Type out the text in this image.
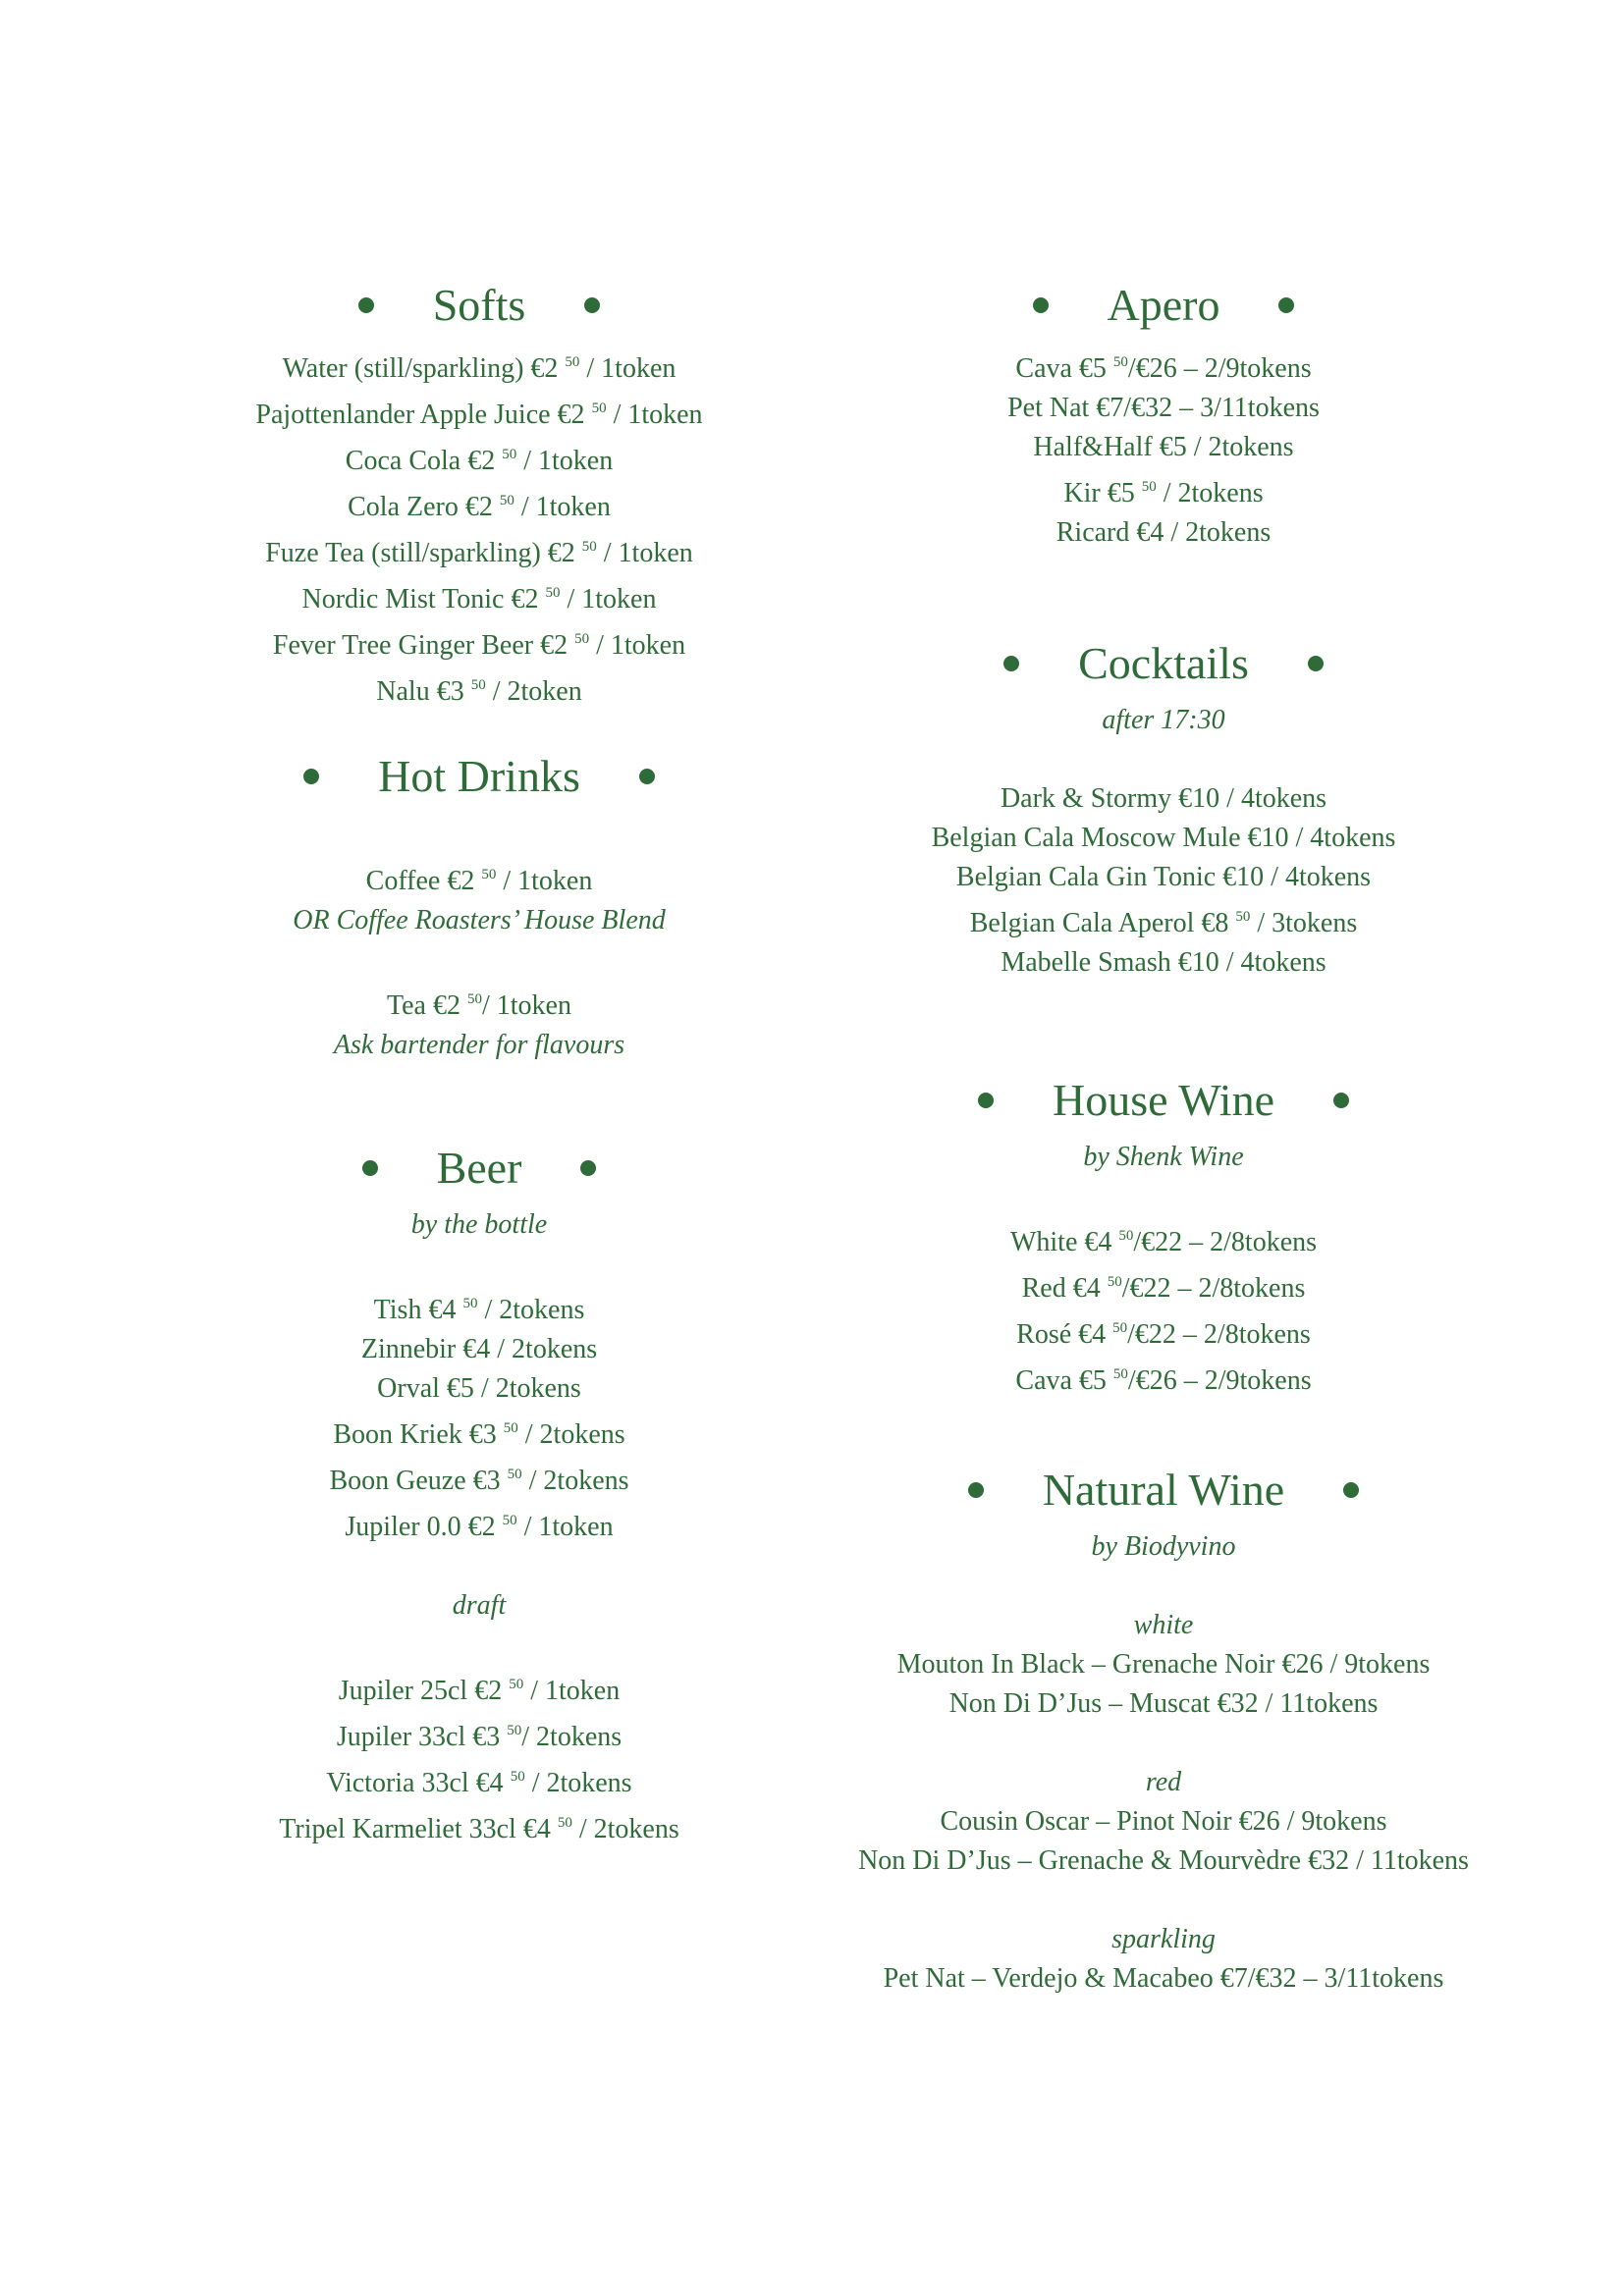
Softs

Water (still/sparkling) €2 $^{50}$ / 1token

Pajottenlander Apple Juice €2 $^{50}$ / 1token

Coca Cola €2 $^{50}$ / 1token

Cola Zero €2 $^{50}$ / 1token

Fuze Tea (still/sparkling) €2 $^{50}$ / 1token

Nordic Mist Tonic €2 $^{50}$ / 1token

Fever Tree Ginger Beer €2 $^{50}$ / 1token

Nalu €3 $^{50}$ / 2token

Hot Drinks

Coffee €2 $^{50}$ / 1token

OR Coffee Roasters’ House Blend

Tea €2 $^{50}$/ 1token

Ask bartender for flavours

Beer

by the bottle

Tish €4 $^{50}$ / 2tokens

Zinnebir €4 / 2tokens

Orval €5 / 2tokens

Boon Kriek €3 $^{50}$ / 2tokens

Boon Geuze €3 $^{50}$ / 2tokens

Jupiler 0.0 €2 $^{50}$ / 1token

draft

Jupiler 25cl €2 $^{50}$ / 1token

Jupiler 33cl €3 $^{50}$/ 2tokens

Victoria 33cl €4 $^{50}$ / 2tokens

Tripel Karmeliet 33cl €4 $^{50}$ / 2tokens

Apero

Cava €5 $^{50}$/€26 – 2/9tokens

Pet Nat €7/€32 – 3/11tokens

Half&Half €5 / 2tokens

Kir €5 $^{50}$ / 2tokens

Ricard €4 / 2tokens

Cocktails

after 17:30

Dark & Stormy €10 / 4tokens

Belgian Cala Moscow Mule €10 / 4tokens

Belgian Cala Gin Tonic €10 / 4tokens

Belgian Cala Aperol €8 $^{50}$ / 3tokens

Mabelle Smash €10 / 4tokens

House Wine

by Shenk Wine

White €4 $^{50}$/€22 – 2/8tokens

Red €4 $^{50}$/€22 – 2/8tokens

Rosé €4 $^{50}$/€22 – 2/8tokens

Cava €5 $^{50}$/€26 – 2/9tokens

Natural Wine

by Biodyvino

white

Mouton In Black – Grenache Noir €26 / 9tokens

Non Di D’Jus – Muscat €32 / 11tokens

red

Cousin Oscar – Pinot Noir €26 / 9tokens

Non Di D’Jus – Grenache & Mourvèdre €32 / 11tokens

sparkling

Pet Nat – Verdejo & Macabeo €7/€32 – 3/11tokens
